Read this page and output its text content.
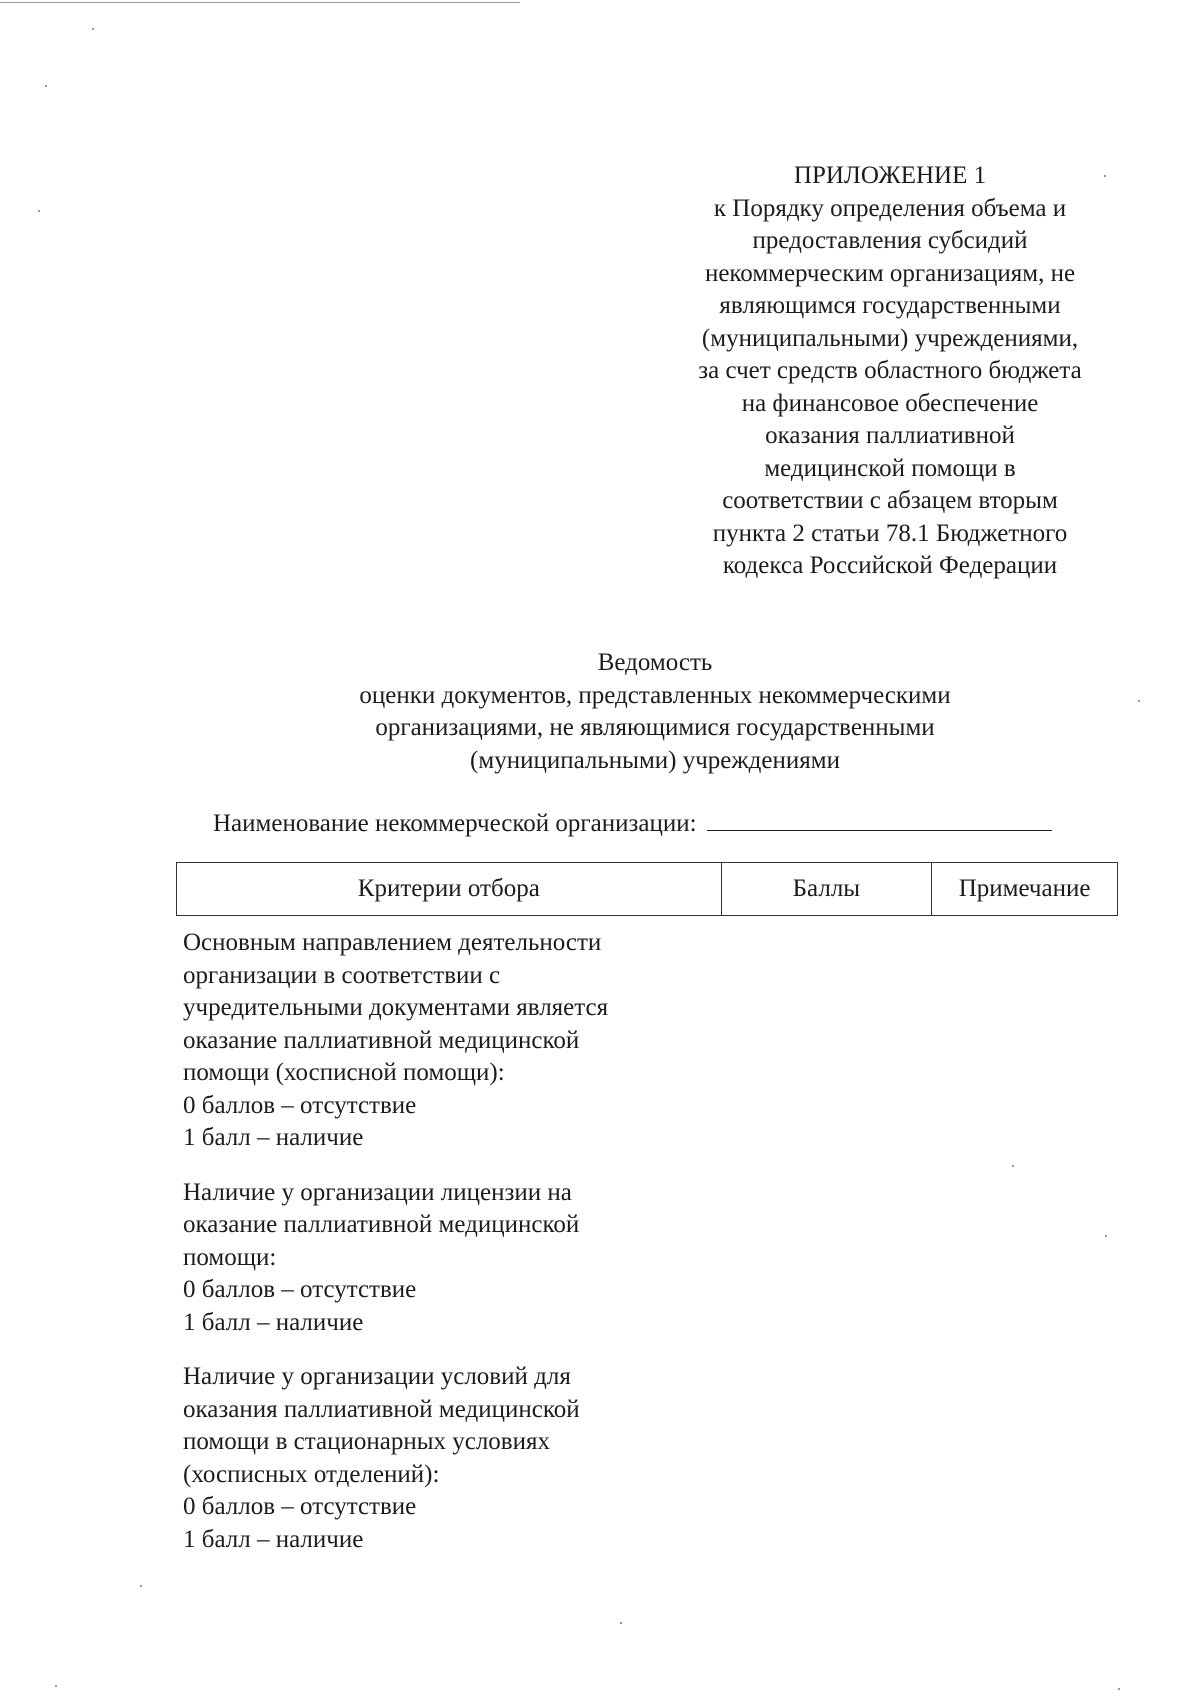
ПРИЛОЖЕНИЕ 1
к Порядку определения объема и
предоставления субсидий
некоммерческим организациям, не
являющимся государственными
(муниципальными) учреждениями,
за счет средств областного бюджета
на финансовое обеспечение
оказания паллиативной
медицинской помощи в
соответствии с абзацем вторым
пункта 2 статьи 78.1 Бюджетного
кодекса Российской Федерации
Ведомость
оценки документов, представленных некоммерческими
организациями, не являющимися государственными
(муниципальными) учреждениями
Наименование некоммерческой организации:
Критерии отбора	Баллы	Примечание
Основным направлением деятельности
организации в соответствии с
учредительными документами является
оказание паллиативной медицинской
помощи (хосписной помощи):
0 баллов – отсутствие
1 балл – наличие
Наличие у организации лицензии на
оказание паллиативной медицинской
помощи:
0 баллов – отсутствие
1 балл – наличие
Наличие у организации условий для
оказания паллиативной медицинской
помощи в стационарных условиях
(хосписных отделений):
0 баллов – отсутствие
1 балл – наличие
